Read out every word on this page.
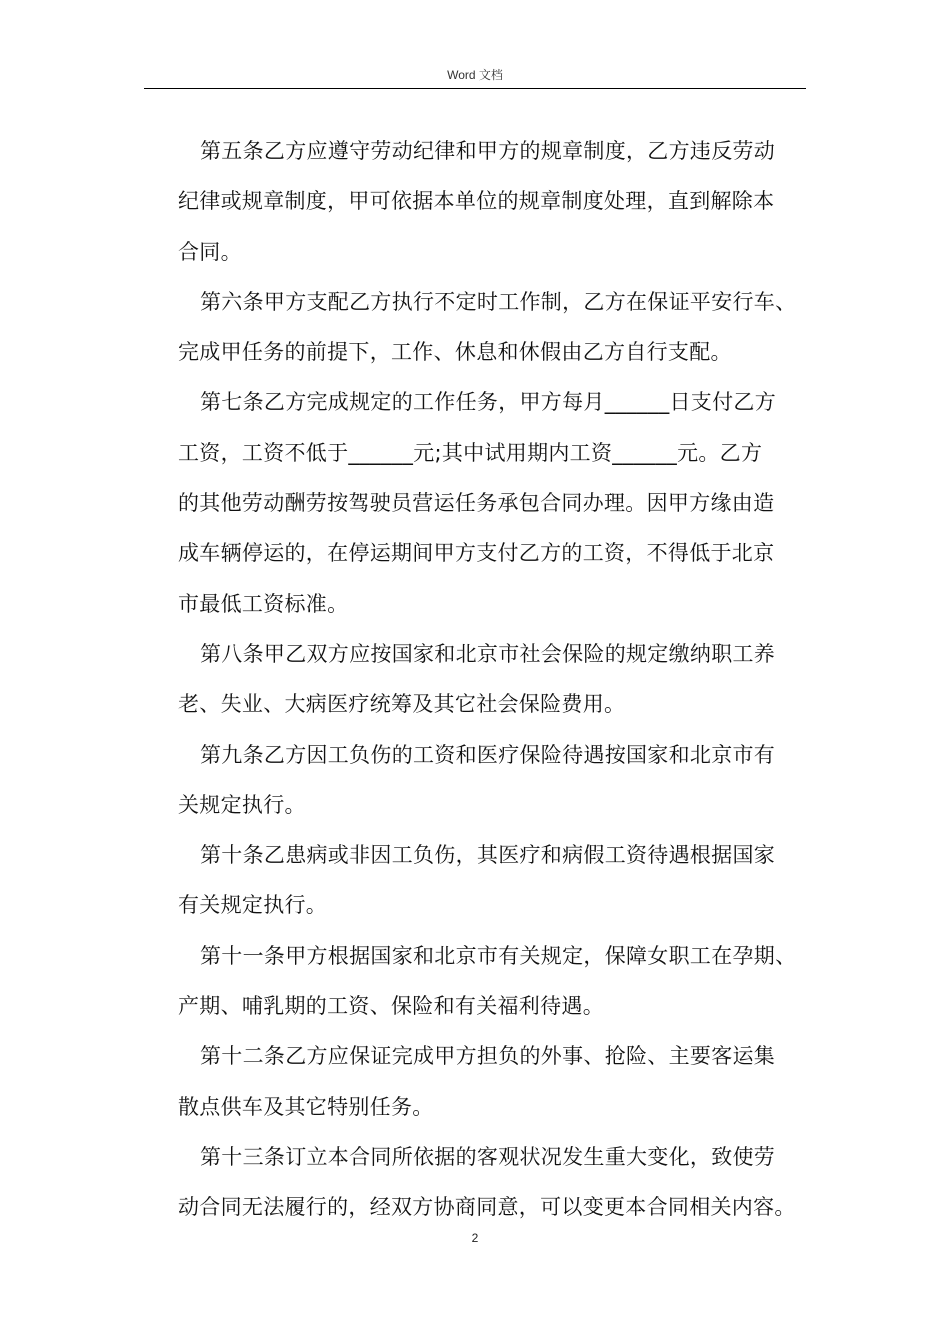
Word 文档
第五条乙方应遵守劳动纪律和甲方的规章制度，乙方违反劳动
纪律或规章制度，甲可依据本单位的规章制度处理，直到解除本
合同。
第六条甲方支配乙方执行不定时工作制，乙方在保证平安行车、
完成甲任务的前提下，工作、休息和休假由乙方自行支配。
第七条乙方完成规定的工作任务，甲方每月______日支付乙方
工资，工资不低于______元;其中试用期内工资______元。乙方
的其他劳动酬劳按驾驶员营运任务承包合同办理。因甲方缘由造
成车辆停运的，在停运期间甲方支付乙方的工资，不得低于北京
市最低工资标准。
第八条甲乙双方应按国家和北京市社会保险的规定缴纳职工养
老、失业、大病医疗统筹及其它社会保险费用。
第九条乙方因工负伤的工资和医疗保险待遇按国家和北京市有
关规定执行。
第十条乙患病或非因工负伤，其医疗和病假工资待遇根据国家
有关规定执行。
第十一条甲方根据国家和北京市有关规定，保障女职工在孕期、
产期、哺乳期的工资、保险和有关福利待遇。
第十二条乙方应保证完成甲方担负的外事、抢险、主要客运集
散点供车及其它特别任务。
第十三条订立本合同所依据的客观状况发生重大变化，致使劳
动合同无法履行的，经双方协商同意，可以变更本合同相关内容。
2
